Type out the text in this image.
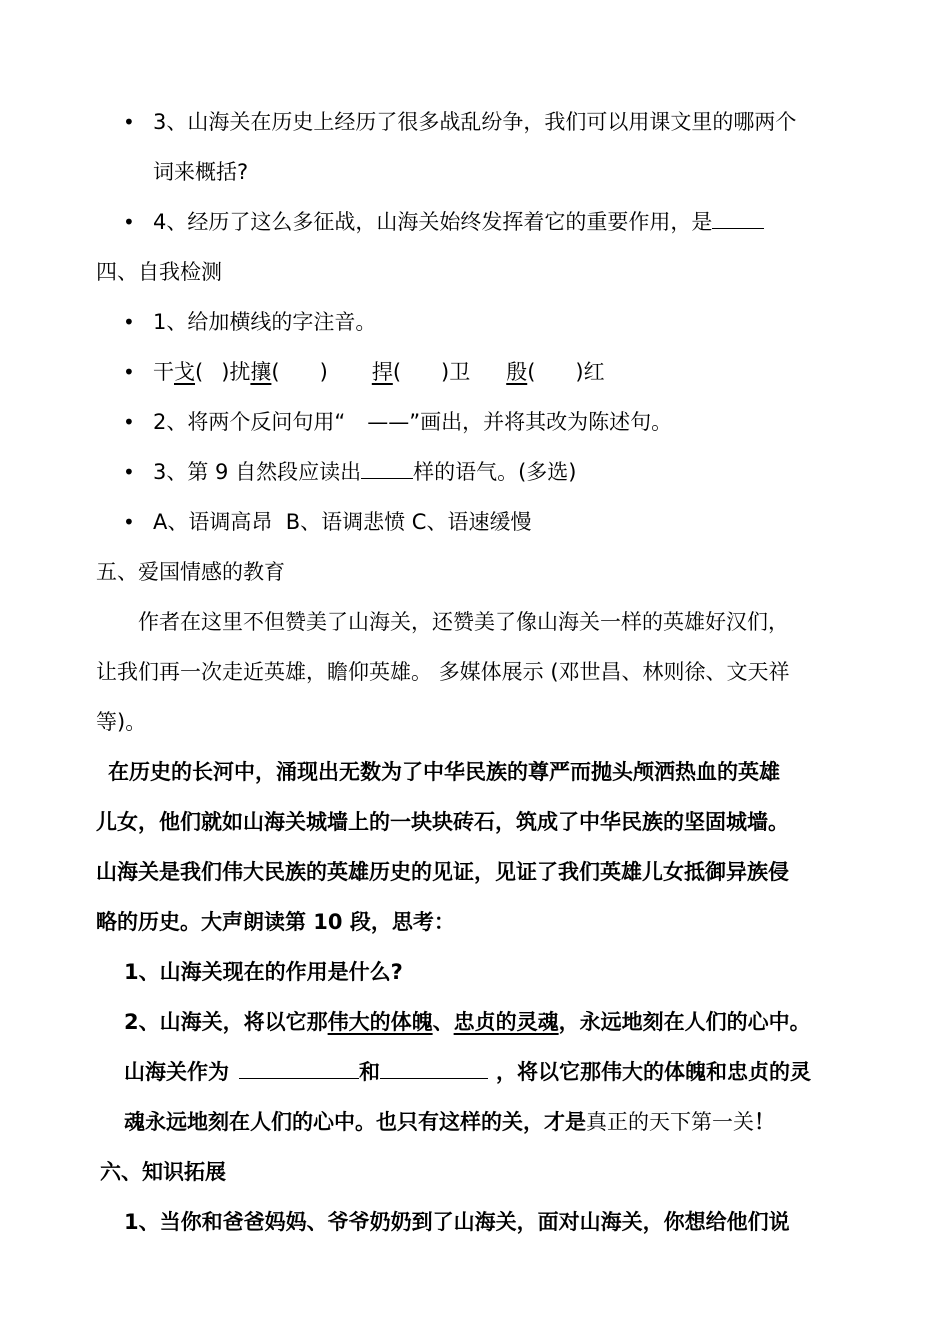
• 3、山海关在历史上经历了很多战乱纷争，我们可以用课文里的哪两个
词来概括?
• 4、经历了这么多征战，山海关始终发挥着它的重要作用，是
四、自我检测
• 1、给加横线的字注音。
• 干戈( )扰攘( ) 捍( )卫 殷( )红
• 2、将两个反问句用“ ——”画出，并将其改为陈述句。
• 3、第 9 自然段应读出 样的语气。(多选)
• A、语调高昂  B、语调悲愤 C、语速缓慢
五、爱国情感的教育
作者在这里不但赞美了山海关，还赞美了像山海关一样的英雄好汉们，
让我们再一次走近英雄，瞻仰英雄。 多媒体展示 (邓世昌、林则徐、文天祥
等)。
在历史的长河中，涌现出无数为了中华民族的尊严而抛头颅洒热血的英雄
儿女，他们就如山海关城墙上的一块块砖石，筑成了中华民族的坚固城墙。
山海关是我们伟大民族的英雄历史的见证，见证了我们英雄儿女抵御异族侵
略的历史。大声朗读第 10 段，思考：
1、山海关现在的作用是什么?
2、山海关，将以它那伟大的体魄、忠贞的灵魂，永远地刻在人们的心中。
山海关作为	和	，将以它那伟大的体魄和忠贞的灵
魂永远地刻在人们的心中。也只有这样的关，才是真正的天下第一关！
六、知识拓展
1、当你和爸爸妈妈、爷爷奶奶到了山海关，面对山海关，你想给他们说
